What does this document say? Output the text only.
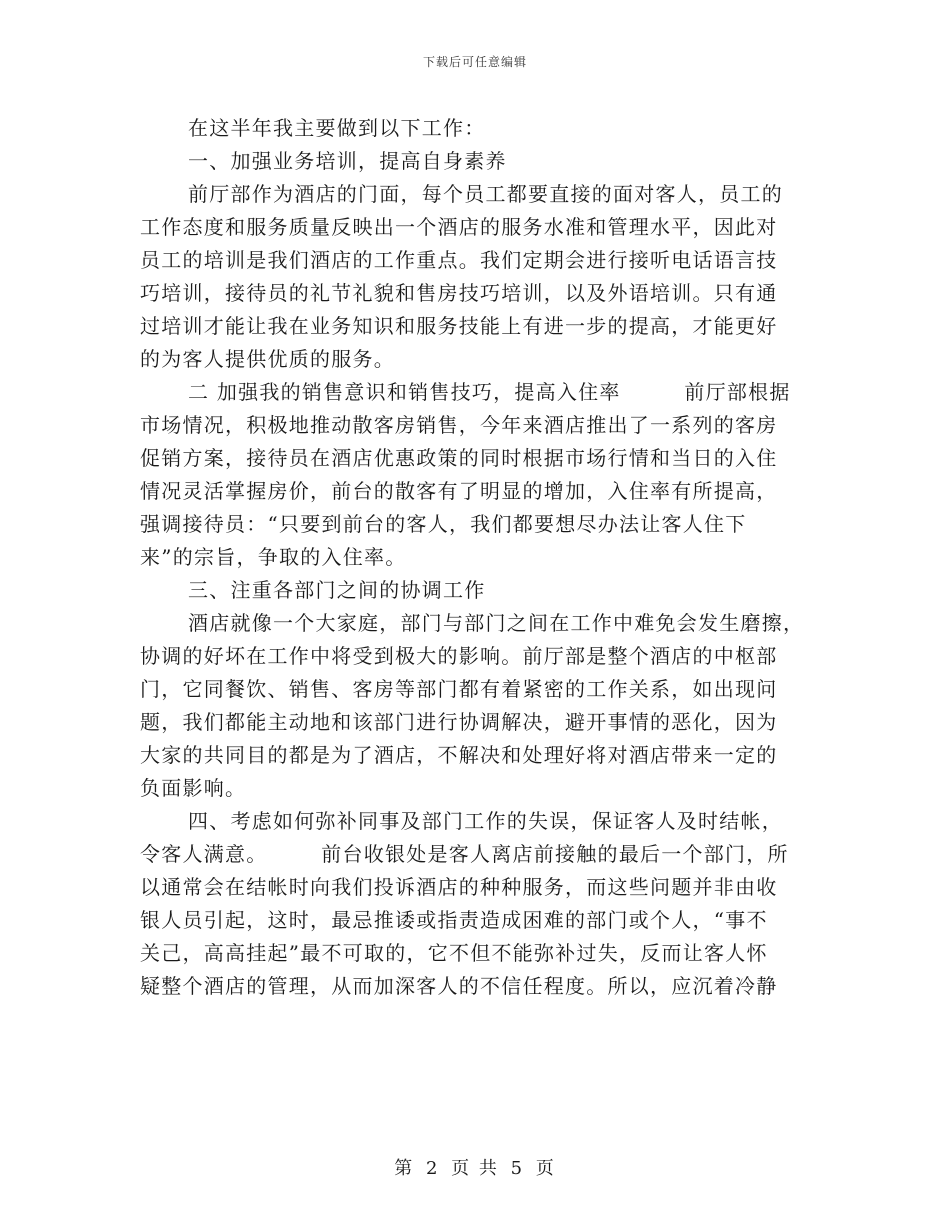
下载后可任意编辑
在这半年我主要做到以下工作：
一、加强业务培训，提高自身素养
前厅部作为酒店的门面，每个员工都要直接的面对客人，员工的
工作态度和服务质量反映出一个酒店的服务水准和管理水平，因此对
员工的培训是我们酒店的工作重点。我们定期会进行接听电话语言技
巧培训，接待员的礼节礼貌和售房技巧培训，以及外语培训。只有通
过培训才能让我在业务知识和服务技能上有进一步的提高，才能更好
的为客人提供优质的服务。
二 加强我的销售意识和销售技巧，提高入住率　　　前厅部根据
市场情况，积极地推动散客房销售，今年来酒店推出了一系列的客房
促销方案，接待员在酒店优惠政策的同时根据市场行情和当日的入住
情况灵活掌握房价，前台的散客有了明显的增加，入住率有所提高，
强调接待员：“只要到前台的客人，我们都要想尽办法让客人住下
来”的宗旨，争取的入住率。
三、注重各部门之间的协调工作
酒店就像一个大家庭，部门与部门之间在工作中难免会发生磨擦，
协调的好坏在工作中将受到极大的影响。前厅部是整个酒店的中枢部
门，它同餐饮、销售、客房等部门都有着紧密的工作关系，如出现问
题，我们都能主动地和该部门进行协调解决，避开事情的恶化，因为
大家的共同目的都是为了酒店，不解决和处理好将对酒店带来一定的
负面影响。
四、考虑如何弥补同事及部门工作的失误，保证客人及时结帐，
令客人满意。　　　前台收银处是客人离店前接触的最后一个部门，所
以通常会在结帐时向我们投诉酒店的种种服务，而这些问题并非由收
银人员引起，这时，最忌推诿或指责造成困难的部门或个人，“事不
关己，高高挂起”最不可取的，它不但不能弥补过失，反而让客人怀
疑整个酒店的管理，从而加深客人的不信任程度。所以，应沉着冷静
第 2 页 共 5 页
